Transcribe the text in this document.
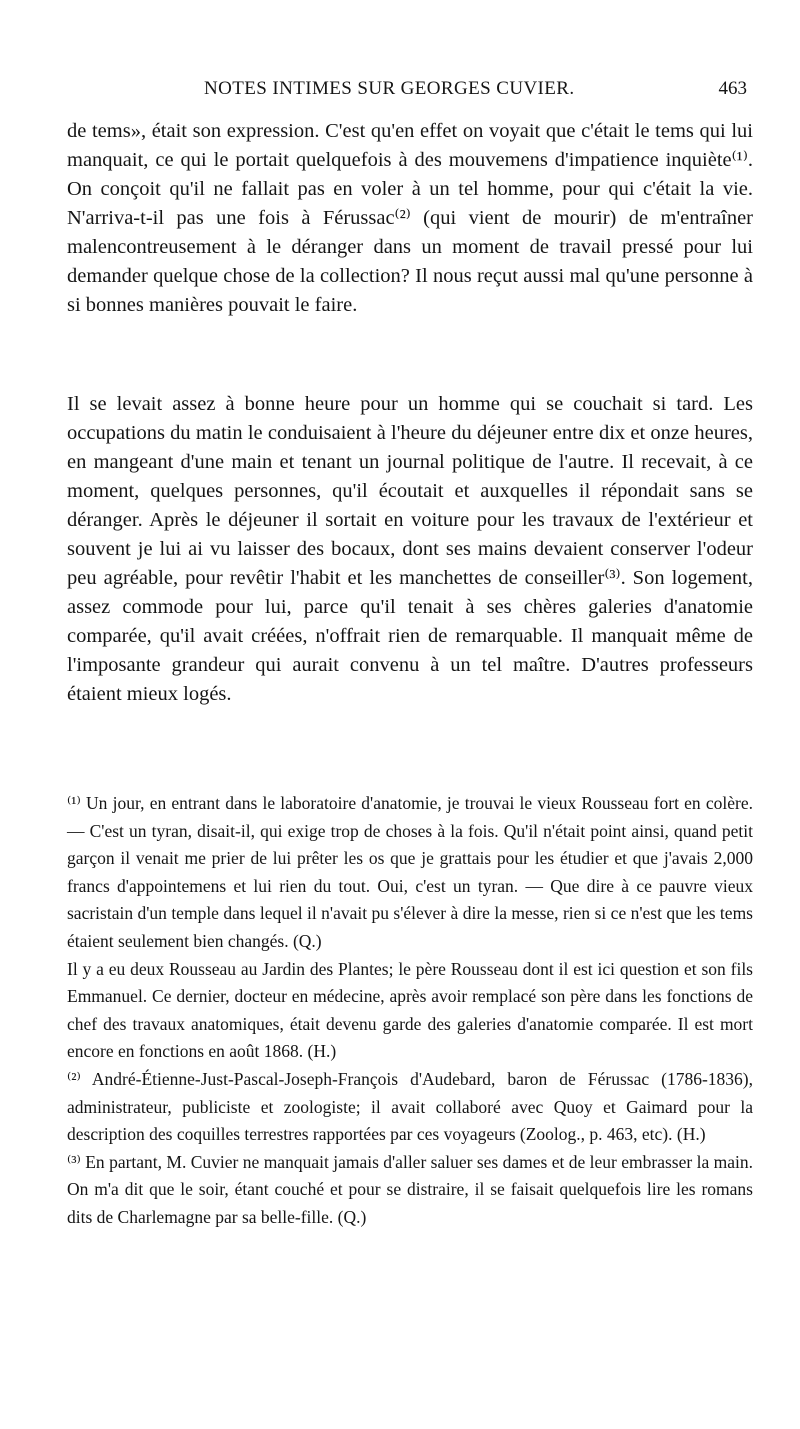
NOTES INTIMES SUR GEORGES CUVIER.	463

de tems», était son expression. C'est qu'en effet on voyait que c'était le tems qui lui manquait, ce qui le portait quelquefois à des mouvemens d'impatience inquiète⁽¹⁾. On conçoit qu'il ne fallait pas en voler à un tel homme, pour qui c'était la vie. N'arriva-t-il pas une fois à Férussac⁽²⁾ (qui vient de mourir) de m'entraîner malencontreusement à le déranger dans un moment de travail pressé pour lui demander quelque chose de la collection? Il nous reçut aussi mal qu'une personne à si bonnes manières pouvait le faire.

Il se levait assez à bonne heure pour un homme qui se couchait si tard. Les occupations du matin le conduisaient à l'heure du déjeuner entre dix et onze heures, en mangeant d'une main et tenant un journal politique de l'autre. Il recevait, à ce moment, quelques personnes, qu'il écoutait et auxquelles il répondait sans se déranger. Après le déjeuner il sortait en voiture pour les travaux de l'extérieur et souvent je lui ai vu laisser des bocaux, dont ses mains devaient conserver l'odeur peu agréable, pour revêtir l'habit et les manchettes de conseiller⁽³⁾. Son logement, assez commode pour lui, parce qu'il tenait à ses chères galeries d'anatomie comparée, qu'il avait créées, n'offrait rien de remarquable. Il manquait même de l'imposante grandeur qui aurait convenu à un tel maître. D'autres professeurs étaient mieux logés.

⁽¹⁾ Un jour, en entrant dans le laboratoire d'anatomie, je trouvai le vieux Rousseau fort en colère. — C'est un tyran, disait-il, qui exige trop de choses à la fois. Qu'il n'était point ainsi, quand petit garçon il venait me prier de lui prêter les os que je grattais pour les étudier et que j'avais 2,000 francs d'appointemens et lui rien du tout. Oui, c'est un tyran. — Que dire à ce pauvre vieux sacristain d'un temple dans lequel il n'avait pu s'élever à dire la messe, rien si ce n'est que les tems étaient seulement bien changés. (Q.)

Il y a eu deux Rousseau au Jardin des Plantes; le père Rousseau dont il est ici question et son fils Emmanuel. Ce dernier, docteur en médecine, après avoir remplacé son père dans les fonctions de chef des travaux anatomiques, était devenu garde des galeries d'anatomie comparée. Il est mort encore en fonctions en août 1868. (H.)

⁽²⁾ André-Étienne-Just-Pascal-Joseph-François d'Audebard, baron de Férussac (1786-1836), administrateur, publiciste et zoologiste; il avait collaboré avec Quoy et Gaimard pour la description des coquilles terrestres rapportées par ces voyageurs (Zoolog., p. 463, etc). (H.)

⁽³⁾ En partant, M. Cuvier ne manquait jamais d'aller saluer ses dames et de leur embrasser la main. On m'a dit que le soir, étant couché et pour se distraire, il se faisait quelquefois lire les romans dits de Charlemagne par sa belle-fille. (Q.)
